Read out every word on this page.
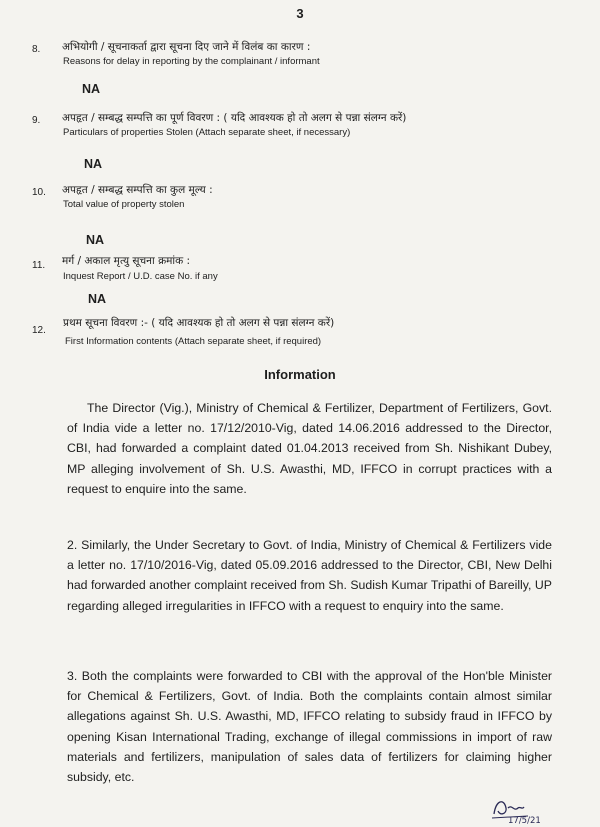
3
8. अभियोगी / सूचनाकर्ता द्वारा सूचना दिए जाने में विलंब का कारण :
Reasons for delay in reporting by the complainant / informant
NA
9. अपहृत / सम्बद्ध सम्पत्ति का पूर्ण विवरण : ( यदि आवश्यक हो तो अलग से पन्ना संलग्न करें)
Particulars of properties Stolen (Attach separate sheet, if necessary)
NA
10. अपहृत / सम्बद्ध सम्पत्ति का कुल मूल्य :
Total value of property stolen
NA
11. मर्ग / अकाल मृत्यु सूचना क्रमांक :
Inquest Report / U.D. case No. if any
NA
12.
प्रथम सूचना विवरण :- ( यदि आवश्यक हो तो अलग से पन्ना संलग्न करें)
First Information contents (Attach separate sheet, if required)
Information

The Director (Vig.), Ministry of Chemical & Fertilizer, Department of Fertilizers, Govt. of India vide a letter no. 17/12/2010-Vig, dated 14.06.2016 addressed to the Director, CBI, had forwarded a complaint dated 01.04.2013 received from Sh. Nishikant Dubey, MP alleging involvement of Sh. U.S. Awasthi, MD, IFFCO in corrupt practices with a request to enquire into the same.

2. Similarly, the Under Secretary to Govt. of India, Ministry of Chemical & Fertilizers vide a letter no. 17/10/2016-Vig, dated 05.09.2016 addressed to the Director, CBI, New Delhi had forwarded another complaint received from Sh. Sudish Kumar Tripathi of Bareilly, UP regarding alleged irregularities in IFFCO with a request to enquiry into the same.

3. Both the complaints were forwarded to CBI with the approval of the Hon'ble Minister for Chemical & Fertilizers, Govt. of India. Both the complaints contain almost similar allegations against Sh. U.S. Awasthi, MD, IFFCO relating to subsidy fraud in IFFCO by opening Kisan International Trading, exchange of illegal commissions in import of raw materials and fertilizers, manipulation of sales data of fertilizers for claiming higher subsidy, etc.

17/5/21
